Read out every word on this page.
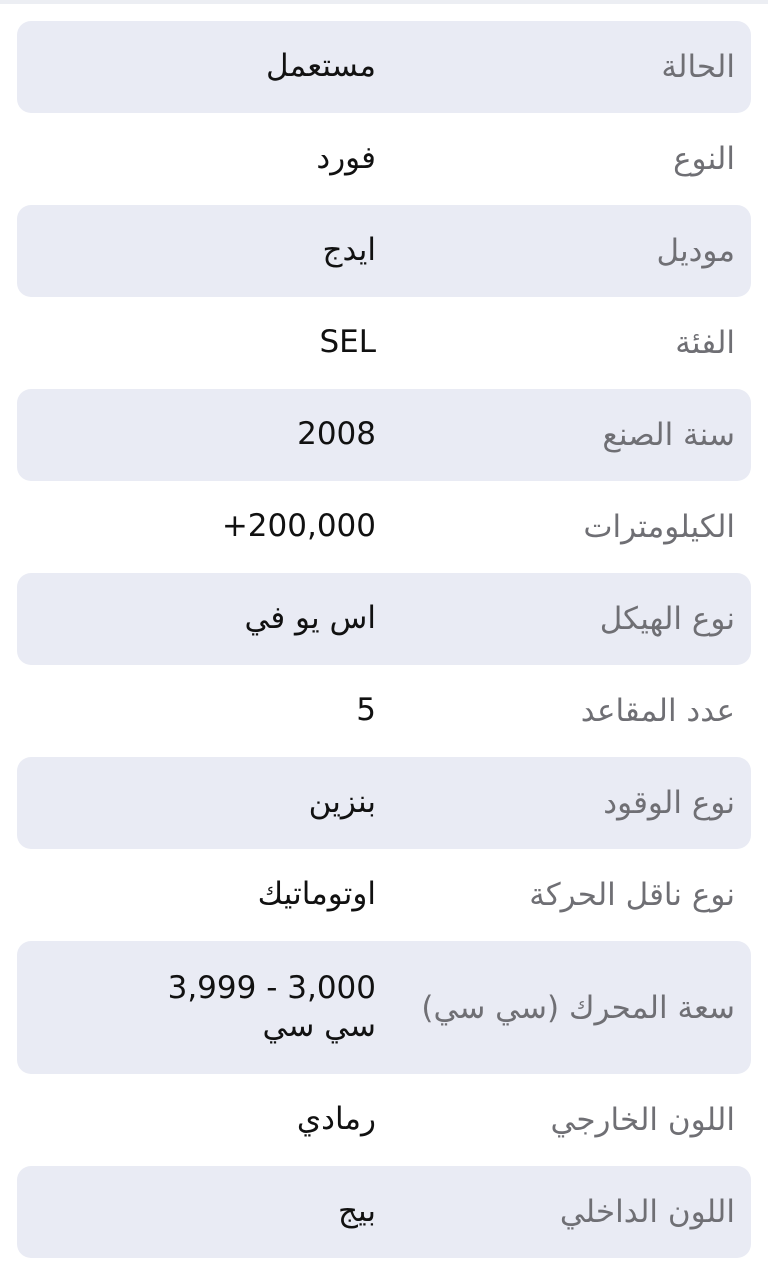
الحالة
مستعمل
النوع
فورد
موديل
ايدج
الفئة
SEL
سنة الصنع
2008
الكيلومترات
+200,000
نوع الهيكل
اس يو في
عدد المقاعد
5
نوع الوقود
بنزين
نوع ناقل الحركة
اوتوماتيك
سعة المحرك (سي سي)
3,000 - 3,999 سي سي
اللون الخارجي
رمادي
اللون الداخلي
بيج
